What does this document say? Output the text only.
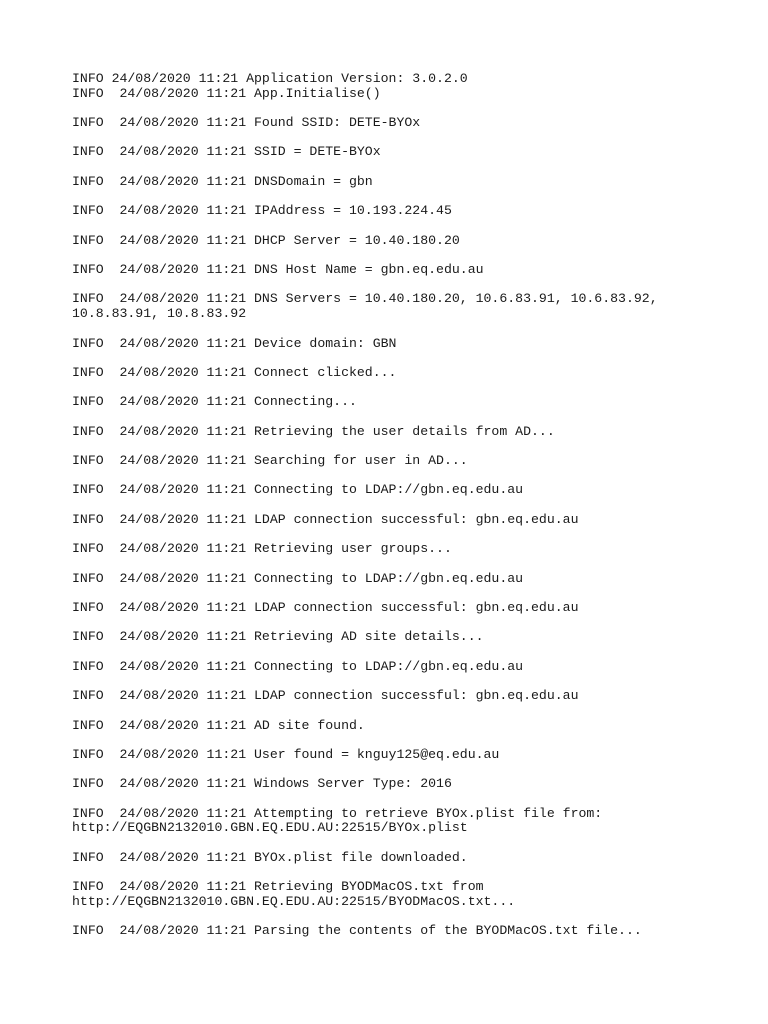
INFO 24/08/2020 11:21 Application Version: 3.0.2.0
INFO  24/08/2020 11:21 App.Initialise()
INFO  24/08/2020 11:21 Found SSID: DETE-BYOx
INFO  24/08/2020 11:21 SSID = DETE-BYOx
INFO  24/08/2020 11:21 DNSDomain = gbn
INFO  24/08/2020 11:21 IPAddress = 10.193.224.45
INFO  24/08/2020 11:21 DHCP Server = 10.40.180.20
INFO  24/08/2020 11:21 DNS Host Name = gbn.eq.edu.au
INFO  24/08/2020 11:21 DNS Servers = 10.40.180.20, 10.6.83.91, 10.6.83.92,
10.8.83.91, 10.8.83.92
INFO  24/08/2020 11:21 Device domain: GBN
INFO  24/08/2020 11:21 Connect clicked...
INFO  24/08/2020 11:21 Connecting...
INFO  24/08/2020 11:21 Retrieving the user details from AD...
INFO  24/08/2020 11:21 Searching for user in AD...
INFO  24/08/2020 11:21 Connecting to LDAP://gbn.eq.edu.au
INFO  24/08/2020 11:21 LDAP connection successful: gbn.eq.edu.au
INFO  24/08/2020 11:21 Retrieving user groups...
INFO  24/08/2020 11:21 Connecting to LDAP://gbn.eq.edu.au
INFO  24/08/2020 11:21 LDAP connection successful: gbn.eq.edu.au
INFO  24/08/2020 11:21 Retrieving AD site details...
INFO  24/08/2020 11:21 Connecting to LDAP://gbn.eq.edu.au
INFO  24/08/2020 11:21 LDAP connection successful: gbn.eq.edu.au
INFO  24/08/2020 11:21 AD site found.
INFO  24/08/2020 11:21 User found = knguy125@eq.edu.au
INFO  24/08/2020 11:21 Windows Server Type: 2016
INFO  24/08/2020 11:21 Attempting to retrieve BYOx.plist file from:
http://EQGBN2132010.GBN.EQ.EDU.AU:22515/BYOx.plist
INFO  24/08/2020 11:21 BYOx.plist file downloaded.
INFO  24/08/2020 11:21 Retrieving BYODMacOS.txt from
http://EQGBN2132010.GBN.EQ.EDU.AU:22515/BYODMacOS.txt...
INFO  24/08/2020 11:21 Parsing the contents of the BYODMacOS.txt file...
